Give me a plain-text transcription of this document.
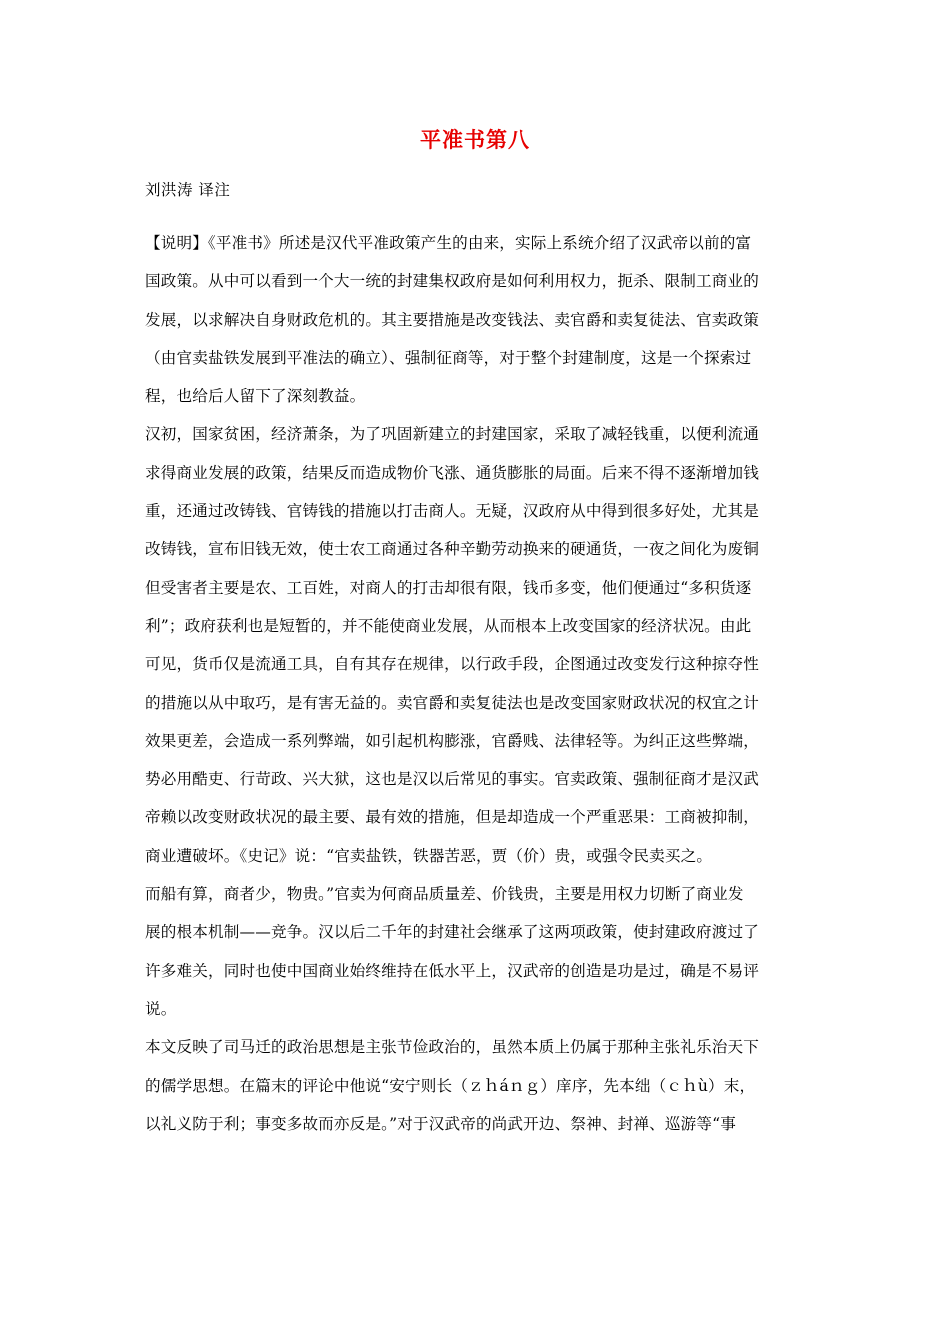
平准书第八
刘洪涛 译注
【说明】《平准书》所述是汉代平准政策产生的由来，实际上系统介绍了汉武帝以前的富
国政策。从中可以看到一个大一统的封建集权政府是如何利用权力，扼杀、限制工商业的
发展，以求解决自身财政危机的。其主要措施是改变钱法、卖官爵和卖复徒法、官卖政策
（由官卖盐铁发展到平准法的确立）、强制征商等，对于整个封建制度，这是一个探索过
程，也给后人留下了深刻教益。
汉初，国家贫困，经济萧条，为了巩固新建立的封建国家，采取了减轻钱重，以便利流通
求得商业发展的政策，结果反而造成物价飞涨、通货膨胀的局面。后来不得不逐渐增加钱
重，还通过改铸钱、官铸钱的措施以打击商人。无疑，汉政府从中得到很多好处，尤其是
改铸钱，宣布旧钱无效，使士农工商通过各种辛勤劳动换来的硬通货，一夜之间化为废铜
但受害者主要是农、工百姓，对商人的打击却很有限，钱币多变，他们便通过“多积货逐
利”；政府获利也是短暂的，并不能使商业发展，从而根本上改变国家的经济状况。由此
可见，货币仅是流通工具，自有其存在规律，以行政手段，企图通过改变发行这种掠夺性
的措施以从中取巧，是有害无益的。卖官爵和卖复徒法也是改变国家财政状况的权宜之计
效果更差，会造成一系列弊端，如引起机构膨涨，官爵贱、法律轻等。为纠正这些弊端，
势必用酷吏、行苛政、兴大狱，这也是汉以后常见的事实。官卖政策、强制征商才是汉武
帝赖以改变财政状况的最主要、最有效的措施，但是却造成一个严重恶果：工商被抑制，
商业遭破坏。《史记》说：“官卖盐铁，铁器苦恶，贾（价）贵，或强令民卖买之。
而船有算，商者少，物贵。”官卖为何商品质量差、价钱贵，主要是用权力切断了商业发
展的根本机制——竞争。汉以后二千年的封建社会继承了这两项政策，使封建政府渡过了
许多难关，同时也使中国商业始终维持在低水平上，汉武帝的创造是功是过，确是不易评
说。
本文反映了司马迁的政治思想是主张节俭政治的，虽然本质上仍属于那种主张礼乐治天下
的儒学思想。在篇末的评论中他说“安宁则长（ｚｈáｎｇ）庠序，先本绌（ｃｈù）末，
以礼义防于利；事变多故而亦反是。”对于汉武帝的尚武开边、祭神、封禅、巡游等“事
